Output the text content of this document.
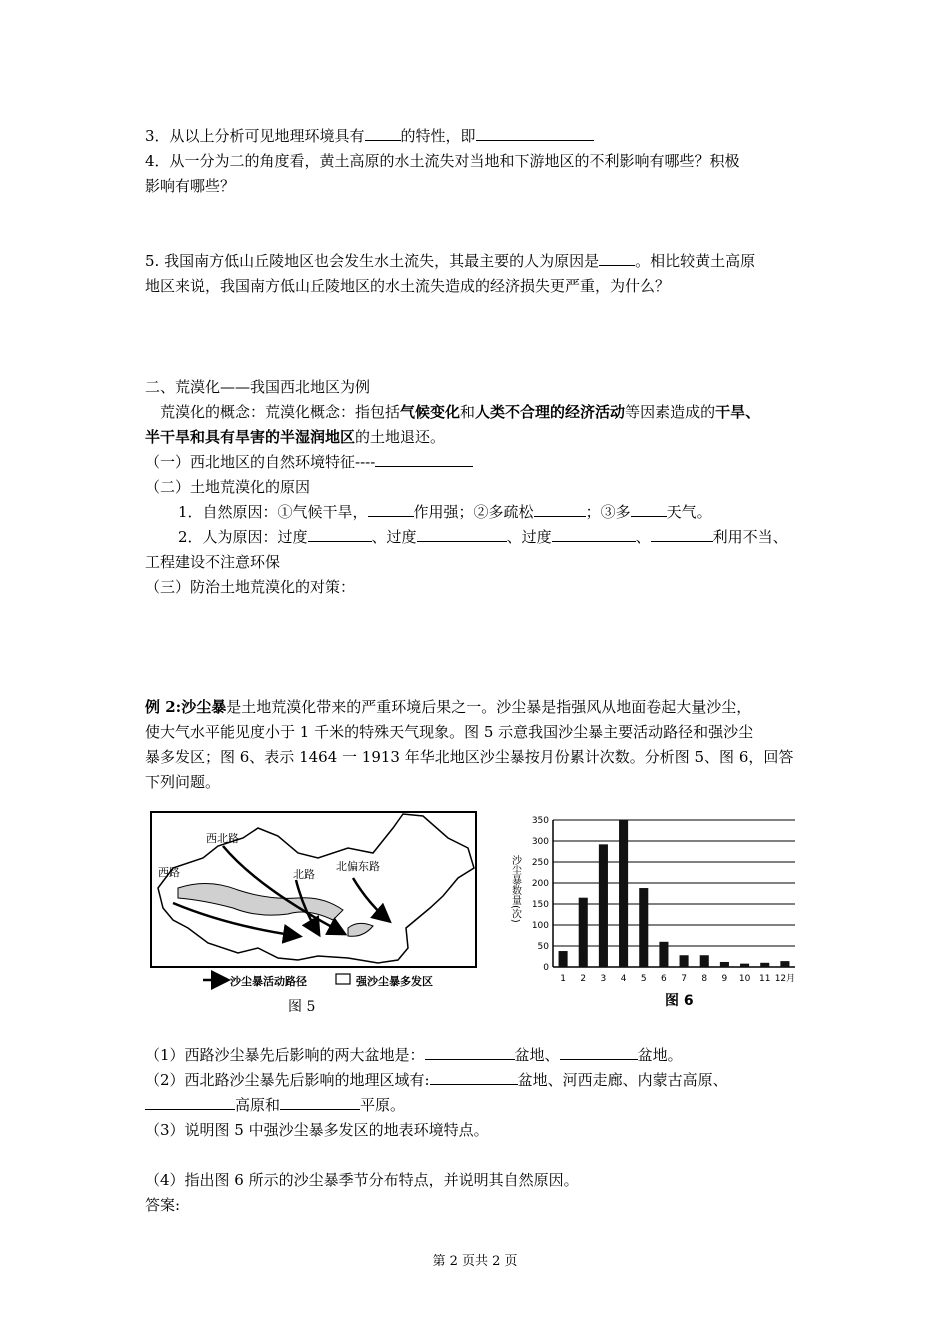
3．从以上分析可见地理环境具有 的特性，即
4．从一分为二的角度看，黄土高原的水土流失对当地和下游地区的不利影响有哪些？积极
影响有哪些？
5. 我国南方低山丘陵地区也会发生水土流失，其最主要的人为原因是 。相比较黄土高原
地区来说，我国南方低山丘陵地区的水土流失造成的经济损失更严重，为什么？
二、荒漠化——我国西北地区为例
荒漠化的概念：荒漠化概念：指包括气候变化和人类不合理的经济活动等因素造成的干旱、
半干旱和具有旱害的半湿润地区的土地退还。
（一）西北地区的自然环境特征----
（二）土地荒漠化的原因
1．自然原因：①气候干旱，	作用强；②多疏松	；③多 天气。
2．人为原因：过度	、过度	、过度	、	利用不当、
工程建设不注意环保
（三）防治土地荒漠化的对策：
例 2:沙尘暴是土地荒漠化带来的严重环境后果之一。沙尘暴是指强风从地面卷起大量沙尘，
使大气水平能见度小于 1 千米的特殊天气现象。图 5 示意我国沙尘暴主要活动路径和强沙尘
暴多发区；图 6、表示 1464 一 1913 年华北地区沙尘暴按月份累计次数。分析图 5、图 6，回答
下列问题。
西北路
西路	北路
北偏东路
沙尘暴活动路径	强沙尘暴多发区
图 5
沙尘暴数量(次)
0
50
100
150
200
250
300
350
1 2 3 4 5 6 7 8 9 10 11 12月
图 6
（1）西路沙尘暴先后影响的两大盆地是：	盆地、	盆地。
（2）西北路沙尘暴先后影响的地理区域有:	盆地、河西走廊、内蒙古高原、
高原和	平原。
（3）说明图 5 中强沙尘暴多发区的地表环境特点。
（4）指出图 6 所示的沙尘暴季节分布特点，并说明其自然原因。
答案:
第 2 页共 2 页
